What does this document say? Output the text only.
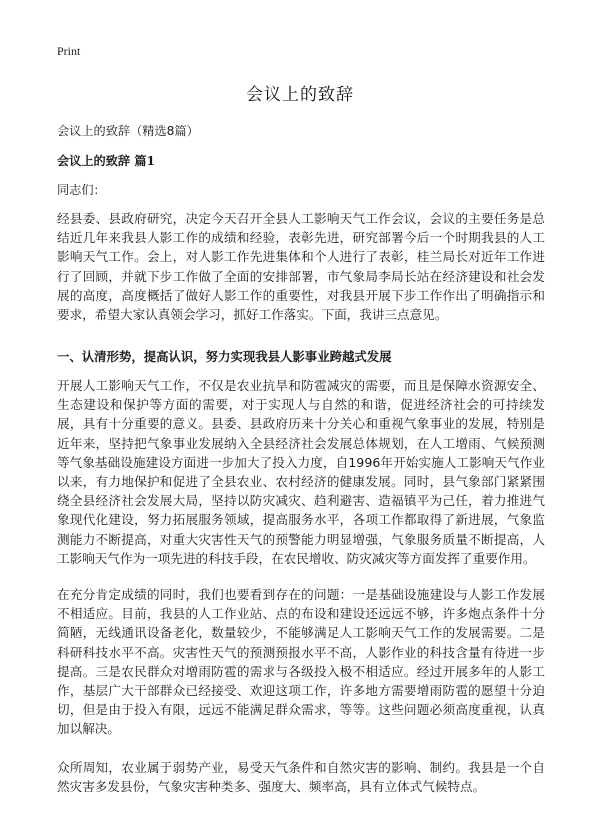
Print
会议上的致辞
会议上的致辞（精选8篇）
会议上的致辞 篇1
同志们：

经县委、县政府研究，决定今天召开全县人工影响天气工作会议，会议的主要任务是总结近几年来我县人影工作的成绩和经验，表彰先进，研究部署今后一个时期我县的人工影响天气工作。会上，对人影工作先进集体和个人进行了表彰，桂兰局长对近年工作进行了回顾，并就下步工作做了全面的安排部署，市气象局李局长站在经济建设和社会发展的高度，高度概括了做好人影工作的重要性，对我县开展下步工作作出了明确指示和要求，希望大家认真领会学习，抓好工作落实。下面，我讲三点意见。

一、认清形势，提高认识，努力实现我县人影事业跨越式发展

开展人工影响天气工作，不仅是农业抗旱和防雹减灾的需要，而且是保障水资源安全、生态建设和保护等方面的需要，对于实现人与自然的和谐，促进经济社会的可持续发展，具有十分重要的意义。县委、县政府历来十分关心和重视气象事业的发展，特别是近年来，坚持把气象事业发展纳入全县经济社会发展总体规划，在人工增雨、气候预测等气象基础设施建设方面进一步加大了投入力度，自1996年开始实施人工影响天气作业以来，有力地保护和促进了全县农业、农村经济的健康发展。同时，县气象部门紧紧围绕全县经济社会发展大局，坚持以防灾减灾、趋利避害、造福镇平为己任，着力推进气象现代化建设，努力拓展服务领域，提高服务水平，各项工作都取得了新进展，气象监测能力不断提高，对重大灾害性天气的预警能力明显增强，气象服务质量不断提高，人工影响天气作为一项先进的科技手段，在农民增收、防灾减灾等方面发挥了重要作用。

在充分肯定成绩的同时，我们也要看到存在的问题：一是基础设施建设与人影工作发展不相适应。目前，我县的人工作业站、点的布设和建设还远远不够，许多炮点条件十分简陋，无线通讯设备老化，数量较少，不能够满足人工影响天气工作的发展需要。二是科研科技水平不高。灾害性天气的预测预报水平不高，人影作业的科技含量有待进一步提高。三是农民群众对增雨防雹的需求与各级投入极不相适应。经过开展多年的人影工作，基层广大干部群众已经接受、欢迎这项工作，许多地方需要增雨防雹的愿望十分迫切，但是由于投入有限，远远不能满足群众需求，等等。这些问题必须高度重视，认真加以解决。

众所周知，农业属于弱势产业，易受天气条件和自然灾害的影响、制约。我县是一个自然灾害多发县份，气象灾害种类多、强度大、频率高，具有立体式气候特点。
